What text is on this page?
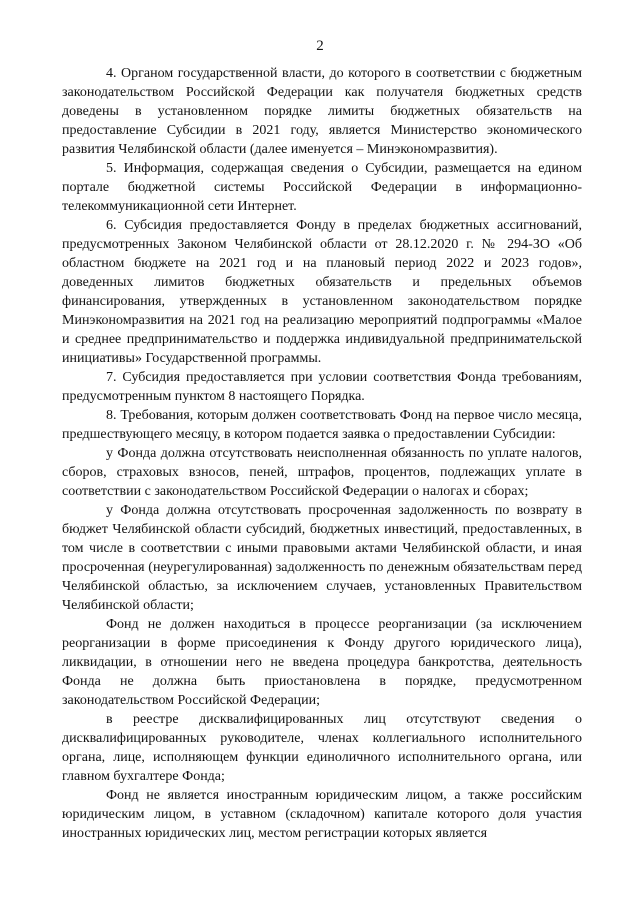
2

4. Органом государственной власти, до которого в соответствии с бюджетным законодательством Российской Федерации как получателя бюджетных средств доведены в установленном порядке лимиты бюджетных обязательств на предоставление Субсидии в 2021 году, является Министерство экономического развития Челябинской области (далее именуется – Минэкономразвития).

5. Информация, содержащая сведения о Субсидии, размещается на едином портале бюджетной системы Российской Федерации в информационно-телекоммуникационной сети Интернет.

6. Субсидия предоставляется Фонду в пределах бюджетных ассигнований, предусмотренных Законом Челябинской области от 28.12.2020 г. № 294-ЗО «Об областном бюджете на 2021 год и на плановый период 2022 и 2023 годов», доведенных лимитов бюджетных обязательств и предельных объемов финансирования, утвержденных в установленном законодательством порядке Минэкономразвития на 2021 год на реализацию мероприятий подпрограммы «Малое и среднее предпринимательство и поддержка индивидуальной предпринимательской инициативы» Государственной программы.

7. Субсидия предоставляется при условии соответствия Фонда требованиям, предусмотренным пунктом 8 настоящего Порядка.

8. Требования, которым должен соответствовать Фонд на первое число месяца, предшествующего месяцу, в котором подается заявка о предоставлении Субсидии:

у Фонда должна отсутствовать неисполненная обязанность по уплате налогов, сборов, страховых взносов, пеней, штрафов, процентов, подлежащих уплате в соответствии с законодательством Российской Федерации о налогах и сборах;

у Фонда должна отсутствовать просроченная задолженность по возврату в бюджет Челябинской области субсидий, бюджетных инвестиций, предоставленных, в том числе в соответствии с иными правовыми актами Челябинской области, и иная просроченная (неурегулированная) задолженность по денежным обязательствам перед Челябинской областью, за исключением случаев, установленных Правительством Челябинской области;

Фонд не должен находиться в процессе реорганизации (за исключением реорганизации в форме присоединения к Фонду другого юридического лица), ликвидации, в отношении него не введена процедура банкротства, деятельность Фонда не должна быть приостановлена в порядке, предусмотренном законодательством Российской Федерации;

в реестре дисквалифицированных лиц отсутствуют сведения о дисквалифицированных руководителе, членах коллегиального исполнительного органа, лице, исполняющем функции единоличного исполнительного органа, или главном бухгалтере Фонда;

Фонд не является иностранным юридическим лицом, а также российским юридическим лицом, в уставном (складочном) капитале которого доля участия иностранных юридических лиц, местом регистрации которых является
